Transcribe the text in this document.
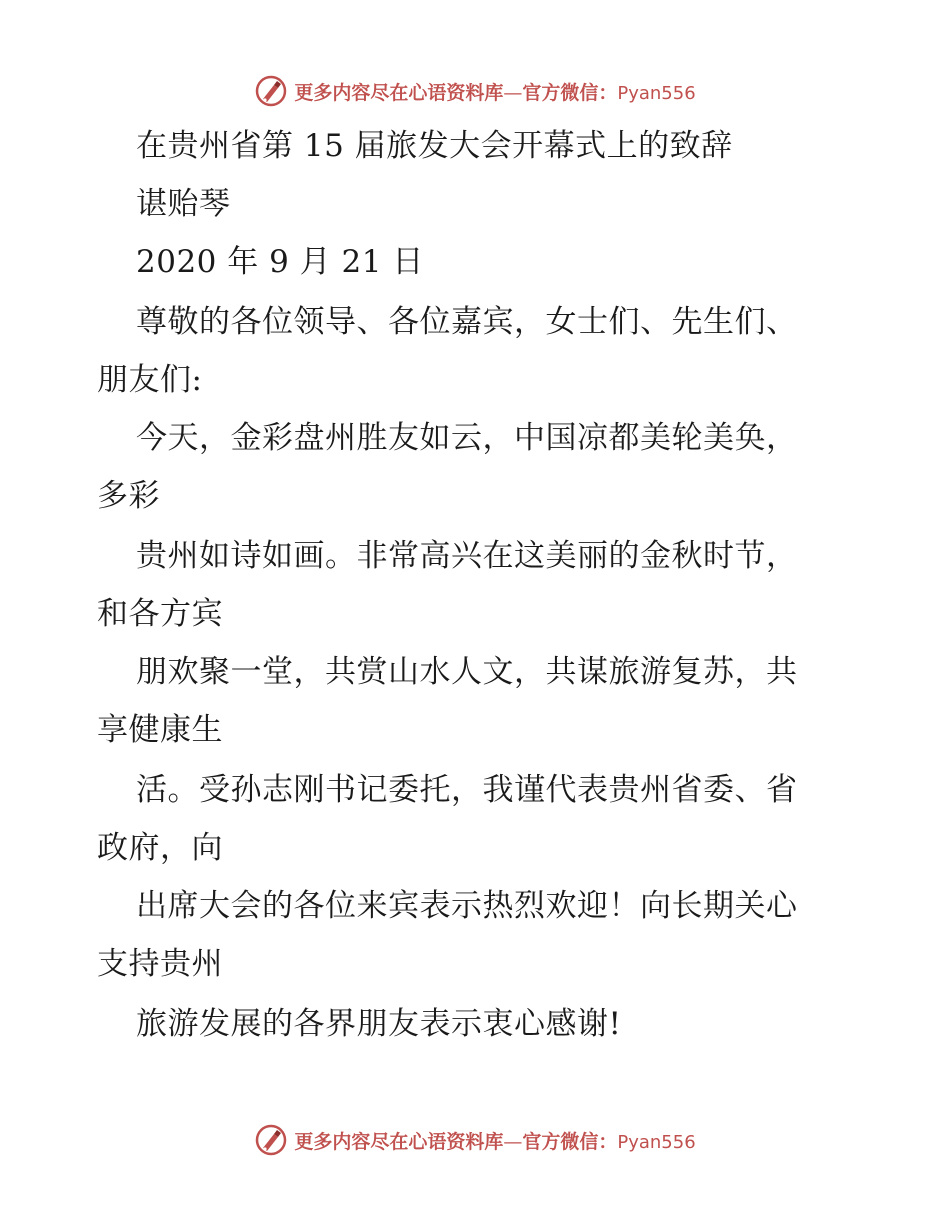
更多内容尽在心语资料库—官方微信：Pyan556
在贵州省第 15 届旅发大会开幕式上的致辞
谌贻琴
2020 年 9 月 21 日
尊敬的各位领导、各位嘉宾，女士们、先生们、
朋友们:
今天，金彩盘州胜友如云，中国凉都美轮美奂，
多彩
贵州如诗如画。非常高兴在这美丽的金秋时节，
和各方宾
朋欢聚一堂，共赏山水人文，共谋旅游复苏，共
享健康生
活。受孙志刚书记委托，我谨代表贵州省委、省
政府，向
出席大会的各位来宾表示热烈欢迎！向长期关心
支持贵州
旅游发展的各界朋友表示衷心感谢!
更多内容尽在心语资料库—官方微信：Pyan556
